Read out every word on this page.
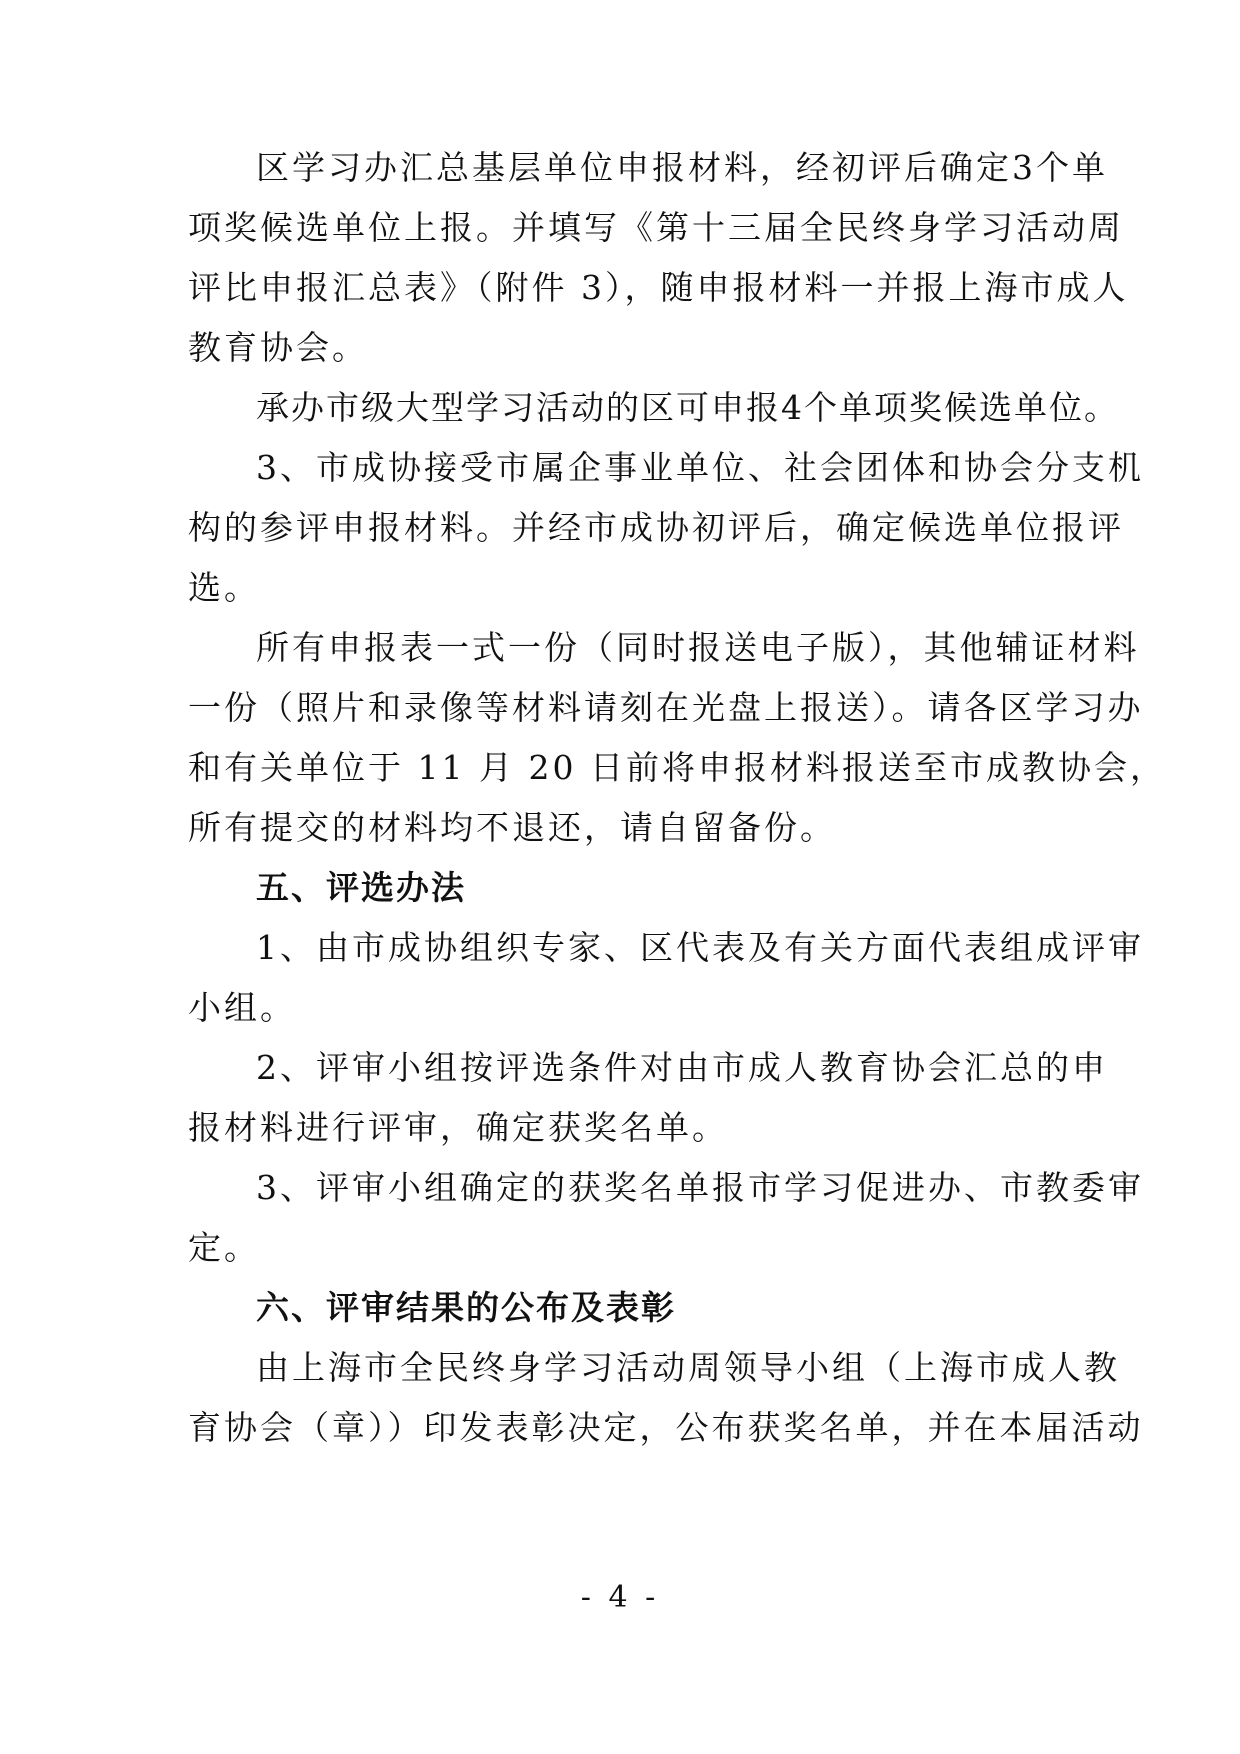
区学习办汇总基层单位申报材料，经初评后确定3个单
项奖候选单位上报。并填写《第十三届全民终身学习活动周
评比申报汇总表》（附件 3），随申报材料一并报上海市成人
教育协会。
承办市级大型学习活动的区可申报4个单项奖候选单位。
3、市成协接受市属企事业单位、社会团体和协会分支机
构的参评申报材料。并经市成协初评后，确定候选单位报评
选。
所有申报表一式一份（同时报送电子版），其他辅证材料
一份（照片和录像等材料请刻在光盘上报送）。请各区学习办
和有关单位于 11 月 20 日前将申报材料报送至市成教协会，
所有提交的材料均不退还，请自留备份。
五、评选办法
1、由市成协组织专家、区代表及有关方面代表组成评审
小组。
2、评审小组按评选条件对由市成人教育协会汇总的申
报材料进行评审，确定获奖名单。
3、评审小组确定的获奖名单报市学习促进办、市教委审
定。
六、评审结果的公布及表彰
由上海市全民终身学习活动周领导小组（上海市成人教
育协会（章））印发表彰决定，公布获奖名单，并在本届活动
- 4 -
